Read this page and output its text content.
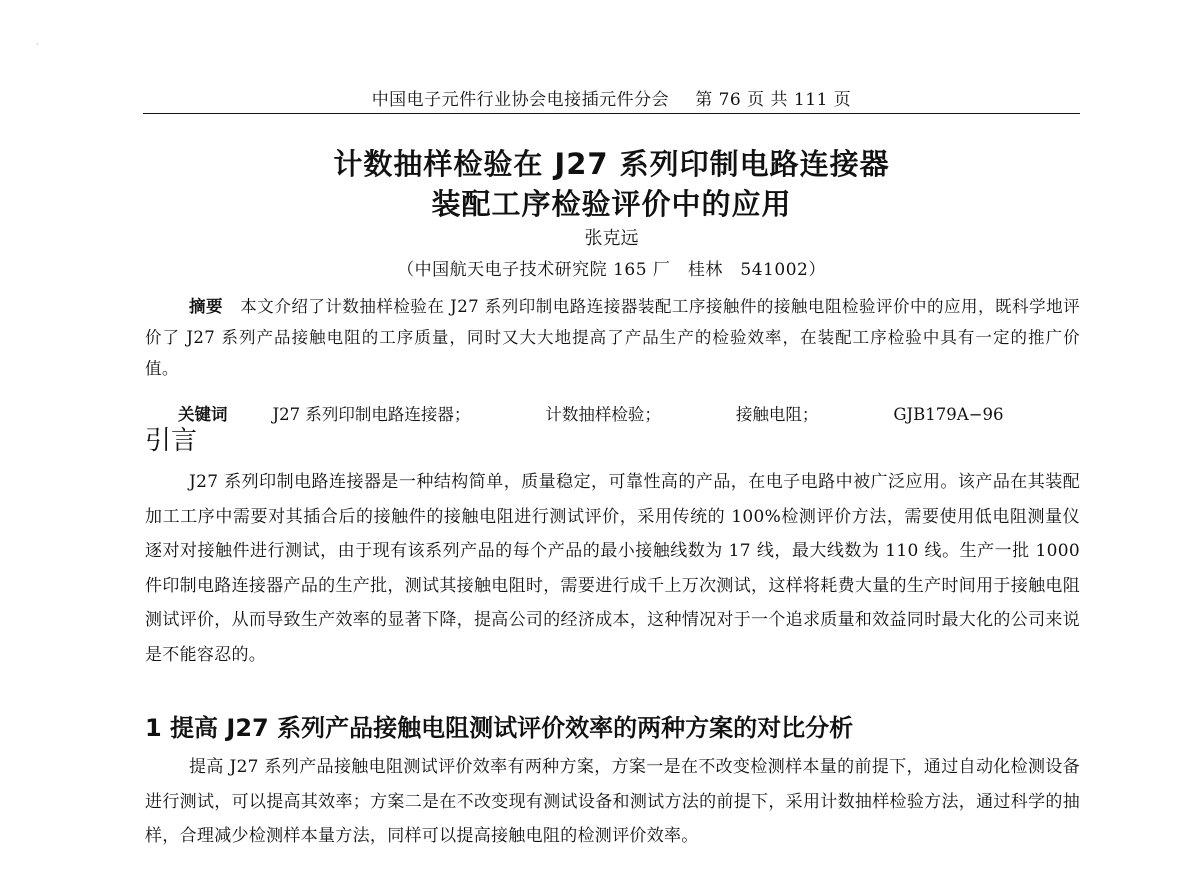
·
中国电子元件行业协会电接插元件分会 第 76 页 共 111 页
计数抽样检验在 J27 系列印制电路连接器
装配工序检验评价中的应用
张克远
（中国航天电子技术研究院 165 厂　桂林　541002）
摘要 本文介绍了计数抽样检验在 J27 系列印制电路连接器装配工序接触件的接触电阻检验评价中的应用，既科学地评价了 J27 系列产品接触电阻的工序质量，同时又大大地提高了产品生产的检验效率，在装配工序检验中具有一定的推广价值。
关键词	J27 系列印制电路连接器；	计数抽样检验；	接触电阻；	GJB179A−96
引言
J27 系列印制电路连接器是一种结构简单，质量稳定，可靠性高的产品，在电子电路中被广泛应用。该产品在其装配加工工序中需要对其插合后的接触件的接触电阻进行测试评价，采用传统的 100%检测评价方法，需要使用低电阻测量仪逐对对接触件进行测试，由于现有该系列产品的每个产品的最小接触线数为 17 线，最大线数为 110 线。生产一批 1000 件印制电路连接器产品的生产批，测试其接触电阻时，需要进行成千上万次测试，这样将耗费大量的生产时间用于接触电阻测试评价，从而导致生产效率的显著下降，提高公司的经济成本，这种情况对于一个追求质量和效益同时最大化的公司来说是不能容忍的。
1 提高 J27 系列产品接触电阻测试评价效率的两种方案的对比分析
提高 J27 系列产品接触电阻测试评价效率有两种方案，方案一是在不改变检测样本量的前提下，通过自动化检测设备进行测试，可以提高其效率；方案二是在不改变现有测试设备和测试方法的前提下，采用计数抽样检验方法，通过科学的抽样，合理减少检测样本量方法，同样可以提高接触电阻的检测评价效率。
